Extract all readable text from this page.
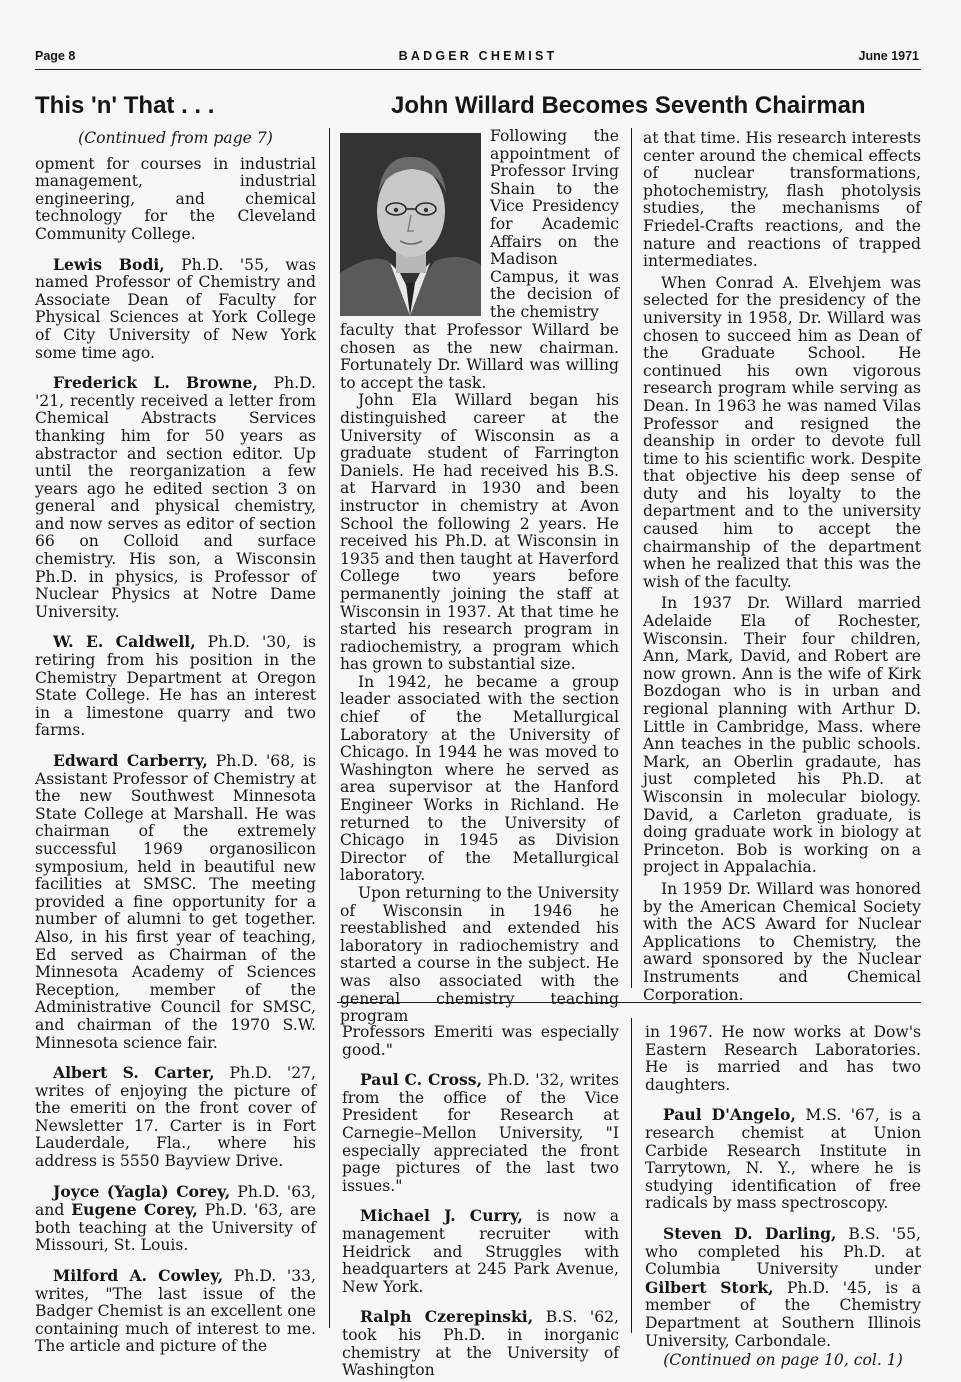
Page 8	BADGER CHEMIST	June 1971
This 'n' That . . .	John Willard Becomes Seventh Chairman

(Continued from page 7)

opment for courses in industrial management, industrial engineering, and chemical technology for the Cleveland Community College.

Lewis Bodi, Ph.D. '55, was named Professor of Chemistry and Associate Dean of Faculty for Physical Sciences at York College of City University of New York some time ago.

Frederick L. Browne, Ph.D. '21, recently received a letter from Chemical Abstracts Services thanking him for 50 years as abstractor and section editor. Up until the reorganization a few years ago he edited section 3 on general and physical chemistry, and now serves as editor of section 66 on Colloid and surface chemistry. His son, a Wisconsin Ph.D. in physics, is Professor of Nuclear Physics at Notre Dame University.

W. E. Caldwell, Ph.D. '30, is retiring from his position in the Chemistry Department at Oregon State College. He has an interest in a limestone quarry and two farms.

Edward Carberry, Ph.D. '68, is Assistant Professor of Chemistry at the new Southwest Minnesota State College at Marshall. He was chairman of the extremely successful 1969 organosilicon symposium, held in beautiful new facilities at SMSC. The meeting provided a fine opportunity for a number of alumni to get together. Also, in his first year of teaching, Ed served as Chairman of the Minnesota Academy of Sciences Reception, member of the Administrative Council for SMSC, and chairman of the 1970 S.W. Minnesota science fair.

Albert S. Carter, Ph.D. '27, writes of enjoying the picture of the emeriti on the front cover of Newsletter 17. Carter is in Fort Lauderdale, Fla., where his address is 5550 Bayview Drive.

Joyce (Yagla) Corey, Ph.D. '63, and Eugene Corey, Ph.D. '63, are both teaching at the University of Missouri, St. Louis.

Milford A. Cowley, Ph.D. '33, writes, "The last issue of the Badger Chemist is an excellent one containing much of interest to me. The article and picture of the

Following the appointment of Professor Irving Shain to the Vice Presidency for Academic Affairs on the Madison Campus, it was the decision of the chemistry

faculty that Professor Willard be chosen as the new chairman. Fortunately Dr. Willard was willing to accept the task.

John Ela Willard began his distinguished career at the University of Wisconsin as a graduate student of Farrington Daniels. He had received his B.S. at Harvard in 1930 and been instructor in chemistry at Avon School the following 2 years. He received his Ph.D. at Wisconsin in 1935 and then taught at Haverford College two years before permanently joining the staff at Wisconsin in 1937. At that time he started his research program in radiochemistry, a program which has grown to substantial size.

In 1942, he became a group leader associated with the section chief of the Metallurgical Laboratory at the University of Chicago. In 1944 he was moved to Washington where he served as area supervisor at the Hanford Engineer Works in Richland. He returned to the University of Chicago in 1945 as Division Director of the Metallurgical laboratory.

Upon returning to the University of Wisconsin in 1946 he reestablished and extended his laboratory in radiochemistry and started a course in the subject. He was also associated with the general chemistry teaching program

at that time. His research interests center around the chemical effects of nuclear transformations, photochemistry, flash photolysis studies, the mechanisms of Friedel-Crafts reactions, and the nature and reactions of trapped intermediates.

When Conrad A. Elvehjem was selected for the presidency of the university in 1958, Dr. Willard was chosen to succeed him as Dean of the Graduate School. He continued his own vigorous research program while serving as Dean. In 1963 he was named Vilas Professor and resigned the deanship in order to devote full time to his scientific work. Despite that objective his deep sense of duty and his loyalty to the department and to the university caused him to accept the chairmanship of the department when he realized that this was the wish of the faculty.

In 1937 Dr. Willard married Adelaide Ela of Rochester, Wisconsin. Their four children, Ann, Mark, David, and Robert are now grown. Ann is the wife of Kirk Bozdogan who is in urban and regional planning with Arthur D. Little in Cambridge, Mass. where Ann teaches in the public schools. Mark, an Oberlin gradaute, has just completed his Ph.D. at Wisconsin in molecular biology. David, a Carleton graduate, is doing graduate work in biology at Princeton. Bob is working on a project in Appalachia.

In 1959 Dr. Willard was honored by the American Chemical Society with the ACS Award for Nuclear Applications to Chemistry, the award sponsored by the Nuclear Instruments and Chemical Corporation.

Professors Emeriti was especially good."

Paul C. Cross, Ph.D. '32, writes from the office of the Vice President for Research at Carnegie–Mellon University, "I especially appreciated the front page pictures of the last two issues."

Michael J. Curry, is now a management recruiter with Heidrick and Struggles with headquarters at 245 Park Avenue, New York.

Ralph Czerepinski, B.S. '62, took his Ph.D. in inorganic chemistry at the University of Washington

in 1967. He now works at Dow's Eastern Research Laboratories. He is married and has two daughters.

Paul D'Angelo, M.S. '67, is a research chemist at Union Carbide Research Institute in Tarrytown, N. Y., where he is studying identification of free radicals by mass spectroscopy.

Steven D. Darling, B.S. '55, who completed his Ph.D. at Columbia University under Gilbert Stork, Ph.D. '45, is a member of the Chemistry Department at Southern Illinois University, Carbondale.

(Continued on page 10, col. 1)
